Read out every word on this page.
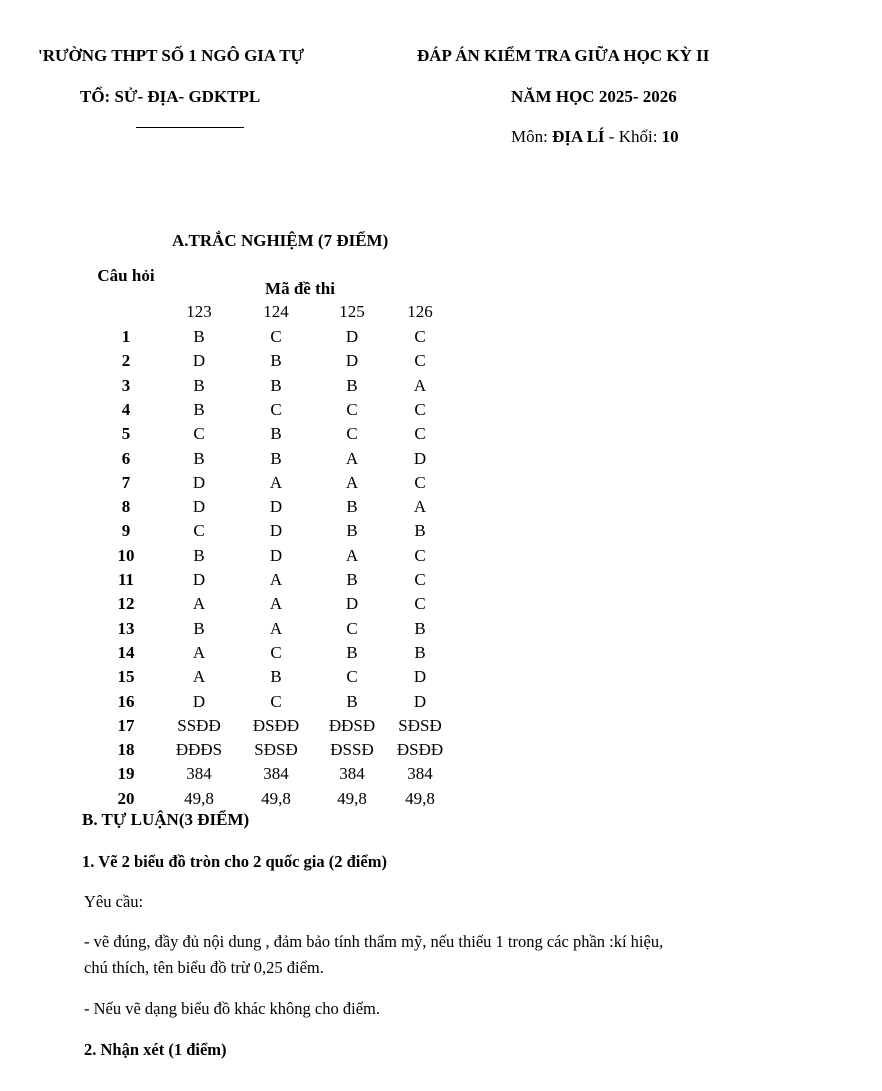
'RƯỜNG THPT SỐ 1 NGÔ GIA TỰ
TỔ: SỬ- ĐỊA- GDKTPL
ĐÁP ÁN KIỂM TRA GIỮA HỌC KỲ II
NĂM HỌC 2025- 2026
Môn: ĐỊA LÍ - Khối: 10
A.TRẮC NGHIỆM (7 ĐIỂM)
Câu hỏi
Mã đề thi
123	124	125	126
1	B	C	D	C
2	D	B	D	C
3	B	B	B	A
4	B	C	C	C
5	C	B	C	C
6	B	B	A	D
7	D	A	A	C
8	D	D	B	A
9	C	D	B	B
10	B	D	A	C
11	D	A	B	C
12	A	A	D	C
13	B	A	C	B
14	A	C	B	B
15	A	B	C	D
16	D	C	B	D
17	SSĐĐ	ĐSĐĐ	ĐĐSĐ	SĐSĐ
18	ĐĐĐS	SĐSĐ	ĐSSĐ	ĐSĐĐ
19	384	384	384	384
20	49,8	49,8	49,8	49,8
B. TỰ LUẬN(3 ĐIỂM)
1. Vẽ 2 biểu đồ tròn cho 2 quốc gia (2 điểm)
Yêu cầu:
- vẽ đúng, đầy đủ nội dung , đảm bảo tính thẩm mỹ, nếu thiếu 1 trong các phần :kí hiệu,
chú thích, tên biểu đồ trừ 0,25 điểm.
- Nếu vẽ dạng biểu đồ khác không cho điểm.
2. Nhận xét (1 điểm)
